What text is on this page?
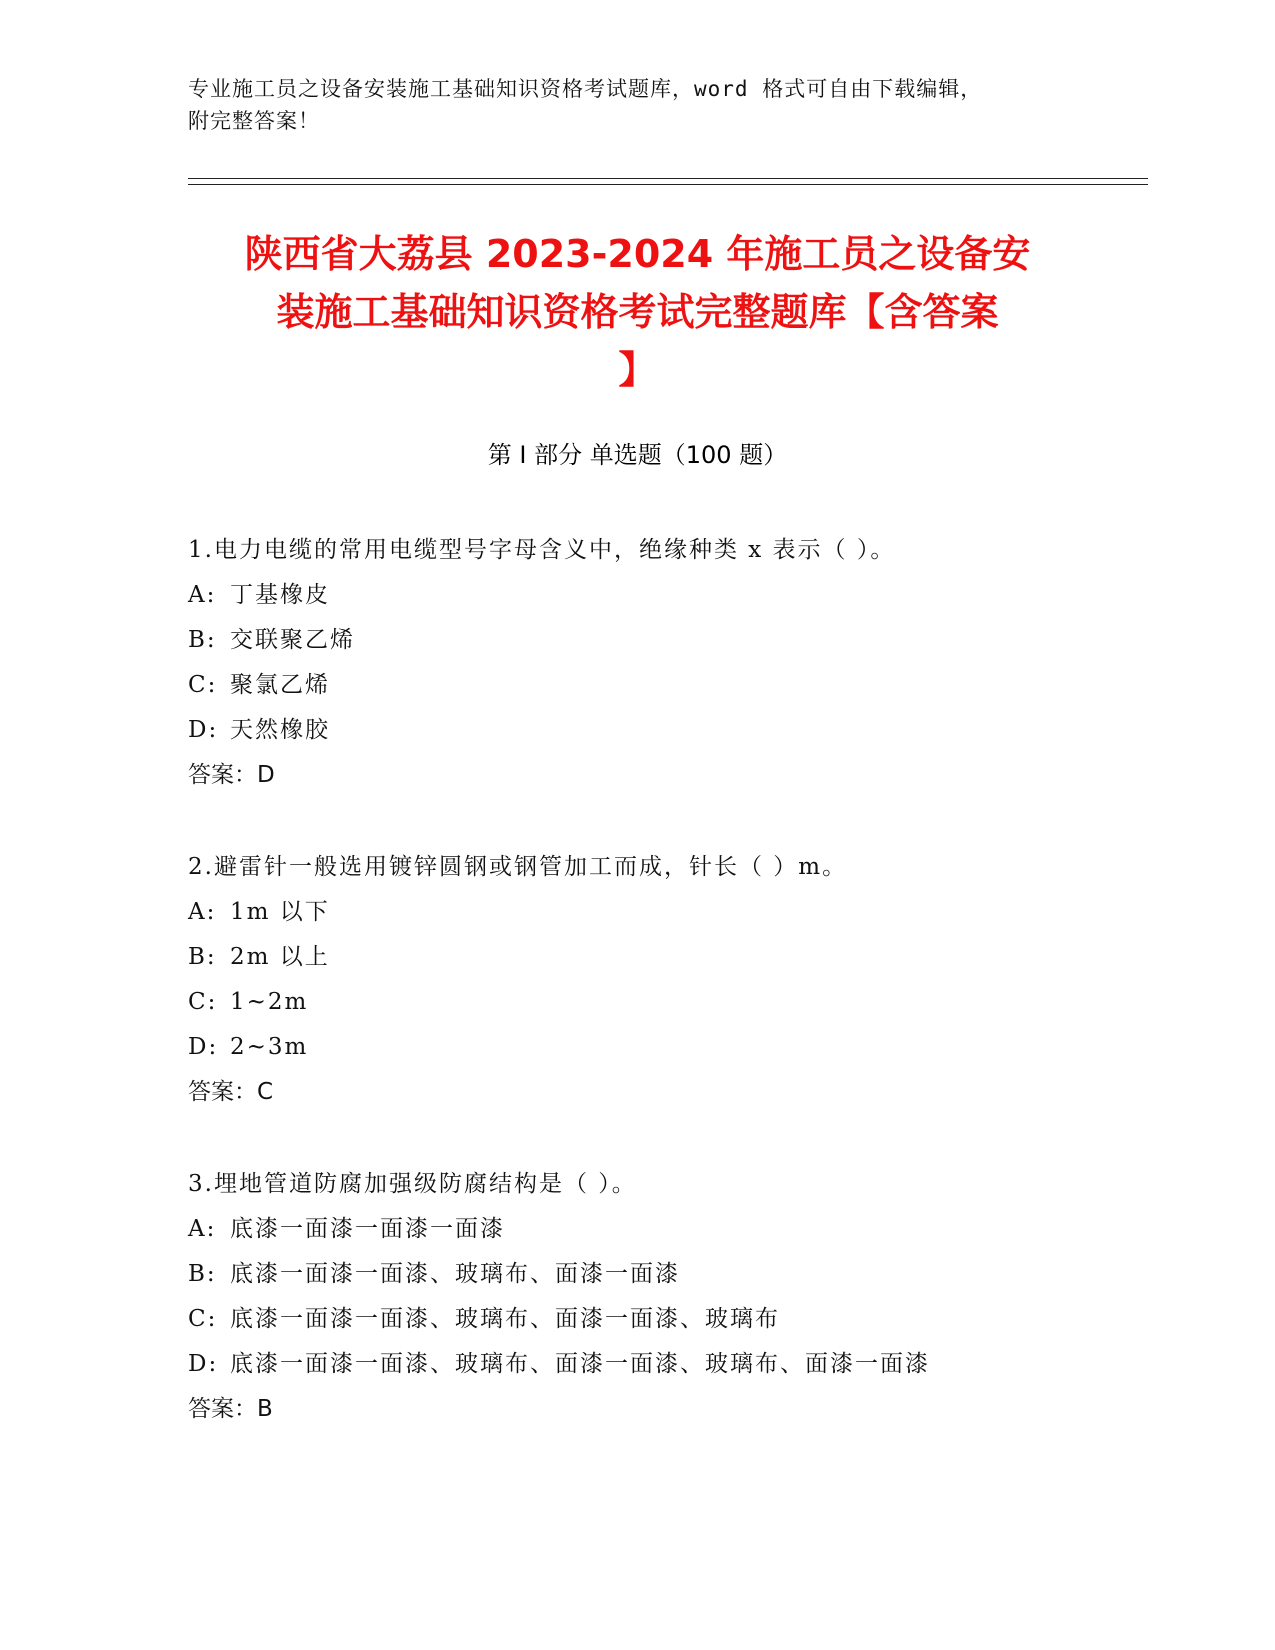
专业施工员之设备安装施工基础知识资格考试题库，word 格式可自由下载编辑，
附完整答案！
陕西省大荔县 2023-2024 年施工员之设备安
装施工基础知识资格考试完整题库【含答案
】
第 I 部分 单选题（100 题）
1.电力电缆的常用电缆型号字母含义中，绝缘种类 x 表示（ ）。
A: 丁基橡皮
B: 交联聚乙烯
C: 聚氯乙烯
D: 天然橡胶
答案：D
2.避雷针一般选用镀锌圆钢或钢管加工而成，针长（ ）m。
A: 1m 以下
B: 2m 以上
C: 1~2m
D: 2~3m
答案：C
3.埋地管道防腐加强级防腐结构是（ ）。
A: 底漆一面漆一面漆一面漆
B: 底漆一面漆一面漆、玻璃布、面漆一面漆
C: 底漆一面漆一面漆、玻璃布、面漆一面漆、玻璃布
D: 底漆一面漆一面漆、玻璃布、面漆一面漆、玻璃布、面漆一面漆
答案：B
